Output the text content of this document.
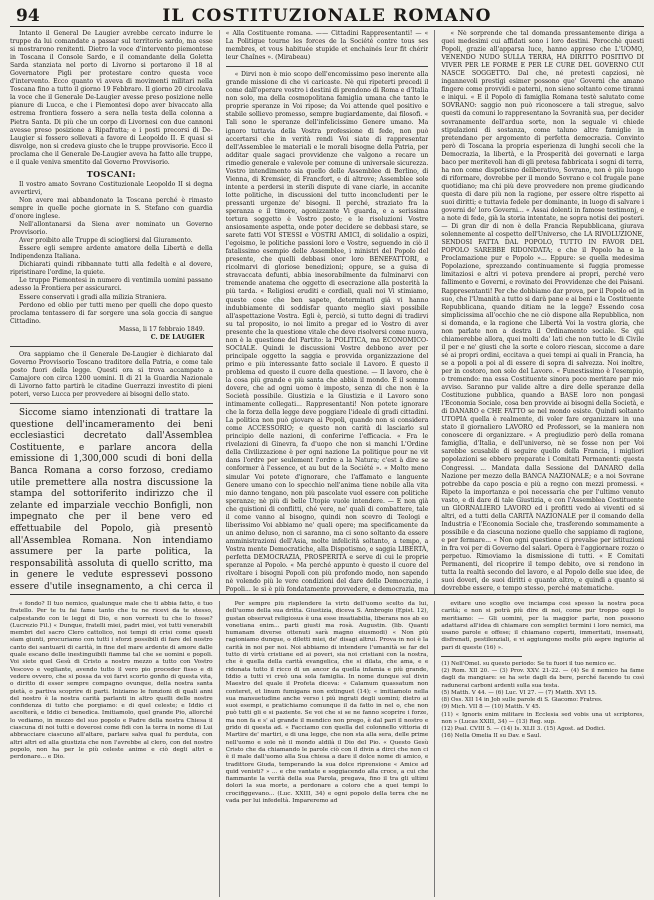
94	IL COSTITUZIONALE ROMANO

Intanto il General De Laugier avrebbe cercato indurre le truppe da lui comandate a passar sul territorio sardo, ma esse si mostrarono renitenti. Dietro la voce d'intervento piemontese in Toscana il Console Sardo, e il comandante della Goletta Sarda stanziata nel porto di Livorno si portarono il 18 al Governatore Pigli per protestare contro questa voce d'intervento. Ecco quanto vi aveva di movimenti militari nella Toscana fino a tutto il giorno 19 Febbraro. Il giorno 20 circolava la voce che il Generale De-Laugier avesse preso posizione nelle pianure di Lucca, e che i Piemontesi dopo aver bivaccato alla estrema frontiera fossero a sera nella testa della colonna a Pietra Santa. Di più che un corpo di Livornesi con due cannoni avesse preso posizione a Ripafratta; e i posti precorsi di De-Laugier si fossero sollevati a favore di Leopoldo II. E quasi si disvolge, non si credeva giusto che le truppe provvisorie. Ecco il proclama che il Generale De-Laugier aveva ha fatto alle truppe, e il quale veniva smentito dal Governo Provvisorio.

TOSCANI:

Il vostro amato Sovrano Costituzionale Leopoldo II si degna avvertirvi,

Non avere mai abbandonato la Toscana perché è rimasto sempre in quelle poche giornate in S. Stefano con guardia d'onore inglese.

Nell'allontanarsi da Siena aver nominato un Governo Provvisorio.

Aver proibito alle Truppe di sciogliersi dal Giuramento.

Essere egli sempre ardente amatore della Libertà e della Indipendenza Italiana.

Dichiarati quindi ribbannate tutti alla fedeltà e al dovere, ripristinare l'ordine, la quiete.

Le truppe Piemontesi in numero di ventimila uomini passano adesso la Frontiera per assicurarci.

Essere conservati i gradi alla milizia Straniera.

Perdono ed oblio per tutti meno per quelli che dopo questo proclama tentassero di far sorgere una sola goccia di sangue Cittadino.

Massa, li 17 febbraio 1849.
C. DE LAUGIER

Ora sappiamo che il Generale De-Laugier è dichiarato dal Governo Provvisorio Toscano traditore della Patria, e come tale posto fuori della legge. Questi ora si trova accampato a Camajore con circa 1200 uomini. Il di 21 la Guardia Nazionale di Livorno fatto partirà le citadine Guerrazzi investito di pieni poteri, verso Lucca per provvedere ai bisogni dello stato.

Siccome siamo intenzionati di trattare la questione dell'incameramento dei beni ecclesiastici decretato dall'Assemblea Costituente, e parlare ancora della emissione di 1,300,000 scudi di boni della Banca Romana a corso forzoso, crediamo utile premettere alla nostra discussione la stampa del sottoriferito indirizzo che il zelante ed imparziale vecchio Bonfigli, non impegnato che per il bene vero ed effettuabile del Popolo, già presentò all'Assemblea Romana. Non intendiamo assumere per la parte politica, la responsabilità assoluta di quello scritto, ma in genere le vedute espressevi possono essere d'utile insegnamento, a chi cerca il

« Alla Costituente romana. —— Cittadini Rappresentanti! — « La Politique tourne les forces de la Société contre tous ses membres, et vous habituée stupide et enchainés leur fit chérir leur Chaînes ». (Mirabeau)

« Dirvi non è mio scopo dell'encomissimo peso inerente alla grande missione di che vi caricaste. Nè qui ripeterti precedi il come dall'operare vostro i destini di prendono di Roma e d'Italia non solo, ma della cosmopolitana famiglia umana che tanto le proprie speranze in Voi ripose; da Voi attende quel positivo e stabile sollievo promesso, sempre bugiardamente, dai filosofi. « Tali sono le speranze dell'infelicissimo Genere umano. Ma ignoro tuttavia della Vostra professione di fede, non può accertarsi che in verità rendi Voi siate di rappresentar dell'Assemblee le materiali e le morali bisogne della Patria, per additar quale sagaci provvidenze che valgono a recare un rimedio generale e valevole per comune di universale sicurezza. Vostro intendimento sia quello delle Assemblee di Berlino, di Vienna, di Kremsier, di Francfort, e di altrove; Assemblee sole intente a perdersi in sterili dispute di vane ciarle, in accanite lotte politiche, in discussioni del tutto inconcludenti per le pressanti urgenze de' bisogni. Il perché, straziato fra la speranza e il timore, agonizzante Vi guarda, e a serissima tortura soggetto è Vostro posto; e le risoluzioni Vostre ansiosamente aspetta, onde poter decidere se debbasi stare, se sarete fatti VOI STESSI e VOSTRI AMICI, di solidalio a ospizi, l'egoismo, le politiche passioni loro e Vostre, seguendo in ciò il fatalissimo esempio delle Assemblee, i ministri del Popolo del presente, che quelli debbasi onor loro BENEFATTORI, e ricolmarvi di gloriose benedizioni; oppure, se a guisa di stravaccata defunti, abbia inesorabilmente da fulminarvi con tremende anatema che oggetto di esecrazione alla posterità la più tarda. « Religiosi eruditi e cordiali, quali noi Vi stimiamo, queste cose che ben sapete, determinati già vi hanno indubbiamente di soddisfar quanto meglio siavi possibile all'aspettazione Vostra. Egli è, perciò, si tutto degni di tradirvi su tal proposito, io noi limito a pregar ed io Vostro di aver presente che la questione vitale che deve risolversi come nuova, non è la questione del Partito: la POLITICA, ma ECONOMICO-SOCIALE. Quindi le discussioni Vostre debbono aver per principale oggetto la saggia e provvida organizzazione del primo e più interessante fatto sociale il Lavoro. È questo il problema ed questo il cuore della questione. — Il lavoro, che è la cosa più grande e più santa che abbia il mondo. È il sommo dovere, che ad ogni uomo è imposto, senza di che non è la Società possibile. Giustizia e la Giustizia e il Lavoro sono intimamente collegati... Rappresentanti! Non potete ignorare che la forza della legge deve poggiare l'ideale di gradi cittadini. La politica non può giovare ai Popoli, quando non si considera come ACCESSORIO; e questo non carità di lasciarlo sul principio delle nazioni, di conferirne l'efficacia. « Fra le rivelazioni di Ginevra, fa d'uopo che non si manchi L'Ordine della Civilizzazione è per ogni nazione La politique pour ne vit dans l'ordre per seulement l'ordre a la Natura; c'est à dire se conformer à l'essence, et au but de la Société ». « Molto meno simular Voi potete d'ignorare, che l'affamato e languente Genere umano con lo specchio nell'anima tiene nobile alla vita mio danno tengano, non più pascolate vuol essere con politiche speranze; nè più di belle Utopie vuole intendere. — E non già che quistioni di conflitti, ché vere, ne' quali di combattere, tale il come vanno al bisogno, quindi non scevro di Teologi e liberissimo Voi abbiamo ne' quali opere; ma specificamente da un animo deluso, non ci saranno, ma ci sono soltanto da essere amministrazioni dell'Asia, molte infelicità soltanto, a tempo, a Vostra mente Democratiche, alla Dispotismo, e saggia LIBERTÀ, perfetta DEMOCRAZIA, PROSPERITÀ e serve di cui le proprie speranze al Popolo. « Ma perché appunto è questo il cuore del rivoltare i bisogni Popoli con più profondo modo, non sapendo nè volendo più le vere condizioni del dare delle Democrazie, i Popoli... le si è più fondatamente provvedere, e democrazia, ma

« Nè sorprende che tal domanda pressantemente diriga a quei medesimi cui affidati sono i loro destini. Perocchè questi Popoli, grazie all'apparsa luce, hanno appreso che L'UOMO, VENENDO NUDO SULLA TERRA, HA DIRITTO POSITIVO DI VIVER PER LE FORME E PER LE CURE DEL GOVERNO CUI NASCE SOGGETTO. Dal che, né pretesti capziosi, nè ingannevoli prestigi esimer possono que' Governi che amano fingere come provvidi e paterni, non sieno soltanto come tiranni e iniqui. « E il Popolo di famiglia Romana testè salutato come SOVRANO: saggio non può riconoscere a tali stregue, salvo questi da comuni lo rappresentano la Sovranità sua, per decider sovranamente dell'ardua sorte, non la seguale vi chiede stipulazioni di sostanza, come taluno altre famiglie in pretendano per argomento di perfetta democrazia. Convinto però di Toscana la propria esperienza di lunghi secoli che la Democrazia, la libertà, e la Prosperità dei governati e larga baco per meritevoli han di gli pretesa fabbricata i sogni di terra, ha non come dispotismo deliberativo, Sovrano, non è più luogo di riformare, dovrebbe per il mondo Sovrano e col frugale pane quotidiano; ma chi più deve provvedere non preme giudicando questa di dare più non la ragione, per essere oltre rispetto ai suoi diritti; e tuttavia fedele per dominante, in luogo di salvare i governi de' loro Governi... « Assai dolenti in famose testimonj, e a note di fede, già la storia intentate, ne sopra notisi dei posteri. — Di gran dir di non è della Francia Repubblicana, giurava solennemente al cospetto dell'Universo, che LA RIVOLUZIONE, SENDOSI FATTA DAL POPOLO, TUTTO IN FAVOR DEL POPOLO SAREBBE RIDONDATA; e che il Popolo ha e la Proclamazione pur e Popolo »... Eppure: se quella medesima Popolazione, sprezzando continuamente si fuggia promesse limitaziosi e altri vi poteva prendere ai propri, perché vero fallimento e Governi, e rovinato dei Provvidenze che dei Paisani. Rappresentanti! Per che dobbiamo dar prova, per il Popolo ed in suo, che l'Umanità a tutto si darà pane e ai beni e la Costituente Repubblicana, quando ditiam ne la legge? Essendo cosa simplicissima all'occhio che ne ciò dispone alla Repubblica, non si domanda, e la ragione che Libertà Voi la vostra gloria, che non parlate non a destra il Ordinamento sociale. Se qui chiamerebbe allora, quei molti da' lati che non tutto le di Civile il per e ne' giusti che la sorte e coloro riescan, siccome a dare sé ai propri ordini, eccitava a quei tempi ai quali in Francia, ha se a popoli a poi al di essere di sopra di salvezza. Noi inoltre, per in costoro, non solo del Lavoro. « Funestissimo è l'esempio, o tremendo: ma essa Costituente sinora poco meritare par mio avviso. Saranno pur valide altre a dire delle speranze della Costituzione pubblica, quando a BASE loro non pongasi l'Economia Sociale, cosa ben provvide ai bisogni della Società, e di DANARO e CHE FATTO se nel mondo esiste. Quindi soltanto UTOPIA quella è realmente, di voler fare organizzare in una stato il giornaliero LAVORO ed Professori, se la maniera non conoscere di organizzare. « A pregiudizio però della romana famiglia, d'Italia, e dell'universo, nè se fosse non per Voi sarebbe scusabile di seguire quello della Francia, i migliori popolazioni se ebbero preparate i Comitati Permanenti: questa Congressi. ... Mandata dalla Sessione del DANARO della Nazione per mezzo della BANCA NAZIONALE; e a noi Sovrane potrebbe da capo poscia e più a regno con mezzi promessi. « Ripeto la importanza e poi necessaria che per l'ultimo venuto vasto, e di dare di tale Giustizia, e con l'Assemblea Costituente un GIORNALIERO LAVORO ed i profitti vedo ai viventi ed si altri, ed a tutti della CARITÀ NAZIONALE per il comando della Industria e l'Economia Sociale che, trasferendo sommamente a possibile e da ciascuna nozione quello che sappiamo di ragione, e per fermare... « Non ogni questione ci prevalse per istituzioni in fra voi per di Governo del salari. Opera è l'aggiornare rozzo o perpetuo. Rimoviamo la dismissione di tutti. « E Comitati Permanenti, del ricoprire il tempo debito, ove si rendono in tutta la realtà secondo del lavoro, e al Popolo delle sue idee, de suoi doveri, de suoi diritti e quanto altro, e quindi a quanto si dovrebbe essere, e tempo stesso, perché matematiche.

« fondo? Il tuo nemico, qualunque male che ti abbia fatto, è tuo fratello. Per te tu fai fame tanto che tu ne ricevi da te stesso, calpestando con le leggi di Dio, e non vorresti tu che lo fosse? (Lucrezio Fil.) « Dunque, fratelli miei, padri miei, voi tutti venerabili membri del sacro Clero cattolico, noi tempi di crisi come questi siam giunti, procuriamo con tutti i sforzi possibili di fare del nostro canto dei santuarii di carità, in fine del mare ardente di amore dalle quale escano delle inestinguibili fiamme tal che se uomini e popoli. Voi siete quel Gesù di Cristo a nostro mezzo a tutto con Vostro Vescovo e vegliante, avendo tutto il vero pio proceder fisso e di vedere ovvero, che si possa da voi farvi scorto gonfio di questa vita, o diritto di esser sempre compagno ovunque, della nostra santa pietà, o partiva scoprire di parti. Iniziamo le funzioni di quali anni del nostro è la nostra carità parlanti in altro quelli delle nostre confidenza di tutto che porgiamo: e di quel celeste; e Iddio ci ascolterà, e Iddio ci benedica. Imitiamolo, quel grande Pio, allorché lo vediamo, in mezzo del suo popolo e Padre della nostra Chiesa il ciascuna di noi tutti e doverosi come fidi con la terra in nome di Lui abbracciare ciascuno all'altare, parlare salva qual fu perduta, con altri altri ed alla giustizia che non l'avrebbe al clero, con del nostro popolo, non ha per le più celeste anime e ciò degli altri e perdonare... e Dio.

Per sempre più risplendere la virtù dell'uomo scelto da lui, dell'uomo della sua dritta. Giustizia, diceva S. Ambrogio (Epist. 12), gustan observat religiosus è una esse insatiabilia, liberans nos ab eo vonetiana enim... parti giusti ma rosà. Augustin. (lib. Quanti humanam diverse ottenuti sarà magno eiusmodi) « Non più ragioniamo dunque, o diletti miei, de' disagi altrui. Prova in noi è la carità in noi per noi. Noi abbiamo di intendere l'umanità se far del tutto di virtù cristiane ed ai poveri, sia noi cristiani con la nostra, che è quella della carità evangelica, che si dilata, che ama, e e ridonata tutto il ricco di un ancor da quella infamia e più grande, Iddio a tutti vi creò una sola famiglia. In nome dunque sul divin Maestro del quale il Profeta diceva: « Calamum quassatum non conteret, et linum fumigans non extinguet (14); « imitiamolo nella sua mansuetudine anche verso i più ingrati degli uomini; dietro ai suoi esempi, e pratichiamo comunque il da fatto in nel o, che non può tutti gli e si paziente. Se voi che si se ne fanno scoprire i forze, ma non fa e s' al grande il mendico non prego, è dal pari il nostro e grido di questa ad. « Facciamo con quella del colonnello vittoria di Martire de' martiri, e di una legge, che non sta alla sera, delle prime nell'uomo e sole nè il mondo aldilà il Dio del Pio. « Questo Gesù Cristo che da chiamando le parole ciò con il divin a dirci che non ci è il male dall'uomo alla Sua chiesa a dare il dolce nome di amico, e tradittore Giuda, temperando la sua dolce riprensione « Amice ad quid venisti? » ... e che vantate e soggiacendo alla croce, a cui che fiammante la verità della sua Parola, pregava, fino il tra gli ultimi dolori la sua morte, a perdonare a coloro che a quei tempi lo crocifiggevano... (Luc. XXIII, 34) e ogni popolo della terra che ne vada per lui infedeltà. Impareremo ad

evitare uno scoglio ove inciampa così spesso la nostra poca carità; e non si potrà più dire di noi, come pur troppo oggi lo meritiamo: — Gli uomini, per la maggior parte, non possono adattarsi all'idea di chiamare con semplici termini i loro nemici, ma usano parole e offese; il chiamano coperti, immeritati, insensati, disfrenati, pestilenziali, e vi aggiungono molte più aspre ingiurie al pari di queste (16) ».

(1) Nell'Omel. su questo periodo: Se tu fuori il tuo nemico ec.
(2) Rom. XII 20. — (3) Prov. XXV. 21-22. — (4) Se il nemico ha fame dagli da mangiare: se ha sete dagli da bere, perché facendo tu così radunerai carboni ardenti sulla sua testa.
(5) Matth. V 44. — (6) Luc. VI 27. — (7) Matth. XVI 15.
(8) Oss. XII 14 in Job sulle parole di S. Giacomo: Fratres.
(9) Mich. VII 8 — (10) Matth. V 45.
(11) « Ignoris enim militare in Ecclesia sed vobis una ut scriptores, non » (Lucas XXIII, 34) — (13) Reg. sup.
(12) Psal. CVIII 5. — (14) Is. XLII 3. (15) Agost. ad Dodici.
(16) Nella Omelia II su Dav. e Saul.
